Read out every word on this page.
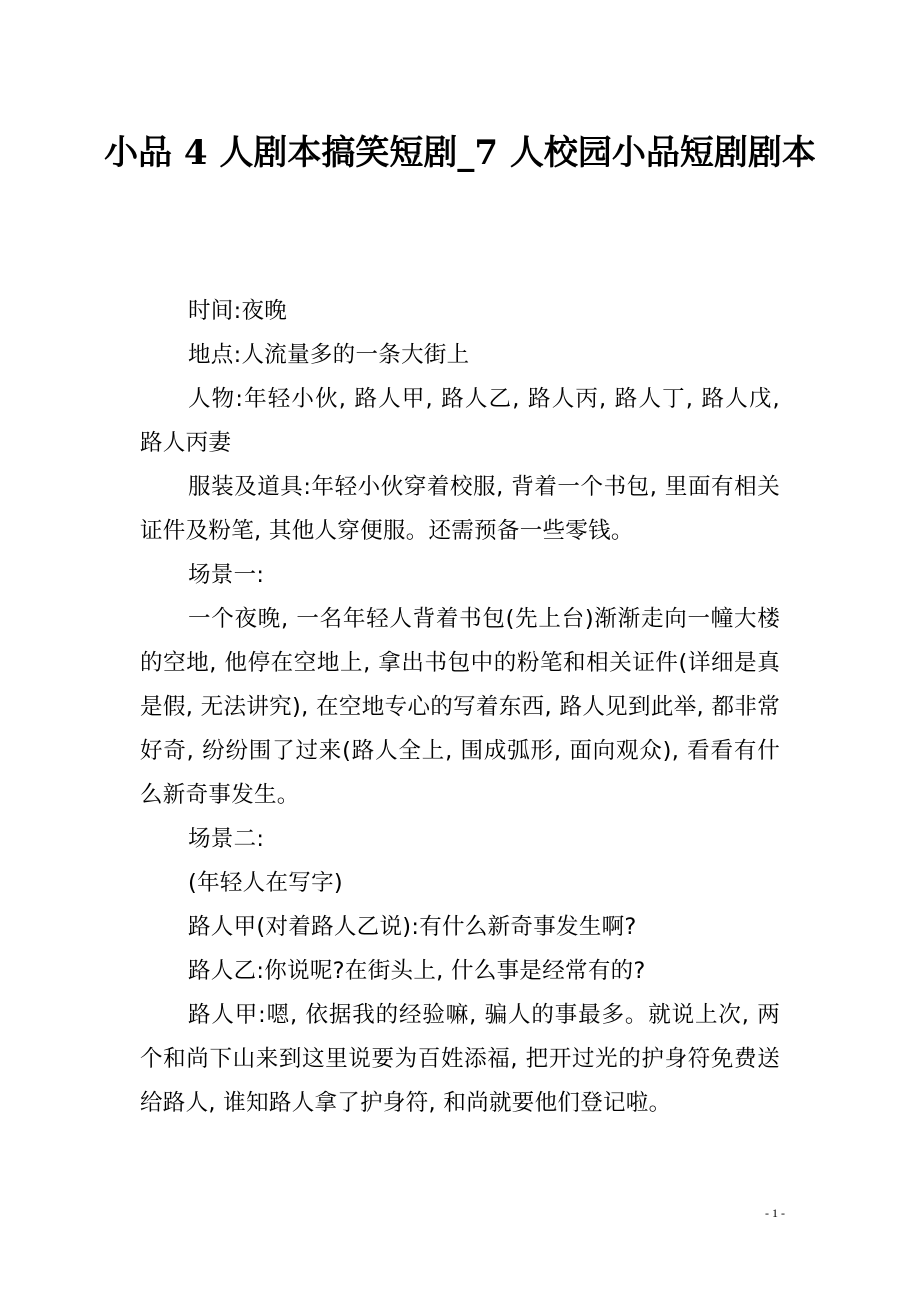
小品 4 人剧本搞笑短剧_7 人校园小品短剧剧本

时间:夜晚

地点:人流量多的一条大街上

人物:年轻小伙, 路人甲, 路人乙, 路人丙, 路人丁, 路人戊, 路人丙妻

服装及道具:年轻小伙穿着校服, 背着一个书包, 里面有相关证件及粉笔, 其他人穿便服。还需预备一些零钱。

场景一:

一个夜晚, 一名年轻人背着书包(先上台)渐渐走向一幢大楼的空地, 他停在空地上, 拿出书包中的粉笔和相关证件(详细是真是假, 无法讲究), 在空地专心的写着东西, 路人见到此举, 都非常好奇, 纷纷围了过来(路人全上, 围成弧形, 面向观众), 看看有什么新奇事发生。

场景二:

(年轻人在写字)

路人甲(对着路人乙说):有什么新奇事发生啊?

路人乙:你说呢?在街头上, 什么事是经常有的?

路人甲:嗯, 依据我的经验嘛, 骗人的事最多。就说上次, 两个和尚下山来到这里说要为百姓添福, 把开过光的护身符免费送给路人, 谁知路人拿了护身符, 和尚就要他们登记啦。

- 1 -
